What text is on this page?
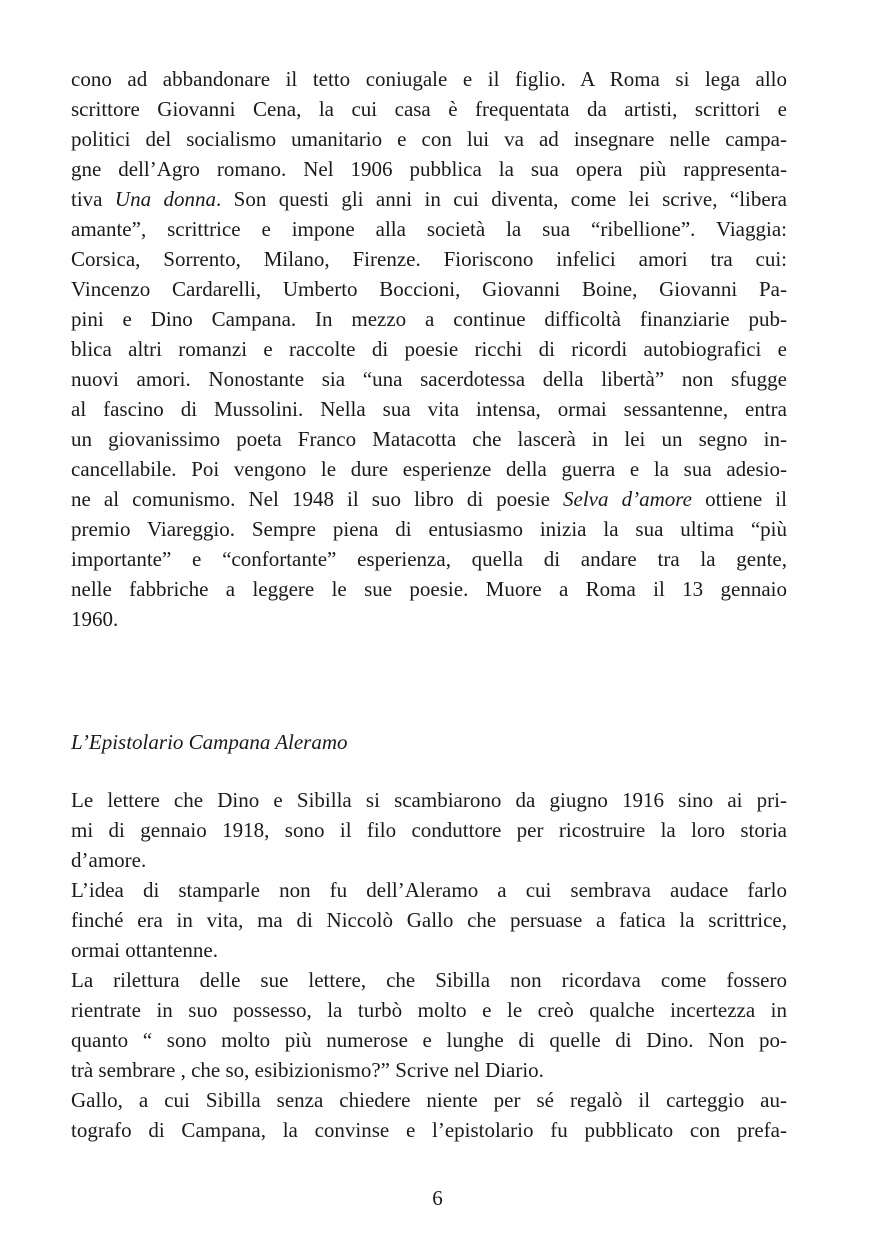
cono ad abbandonare il tetto coniugale e il figlio. A Roma si lega allo
scrittore Giovanni Cena, la cui casa è frequentata da artisti, scrittori e
politici del socialismo umanitario e con lui va ad insegnare nelle campa-
gne dell’Agro romano. Nel 1906 pubblica la sua opera più rappresenta-
tiva Una donna. Son questi gli anni in cui diventa, come lei scrive, “libera
amante”, scrittrice e impone alla società la sua “ribellione”. Viaggia:
Corsica, Sorrento, Milano, Firenze. Fioriscono infelici amori tra cui:
Vincenzo Cardarelli, Umberto Boccioni, Giovanni Boine, Giovanni Pa-
pini e Dino Campana. In mezzo a continue difficoltà finanziarie pub-
blica altri romanzi e raccolte di poesie ricchi di ricordi autobiografici e
nuovi amori. Nonostante sia “una sacerdotessa della libertà” non sfugge
al fascino di Mussolini. Nella sua vita intensa, ormai sessantenne, entra
un giovanissimo poeta Franco Matacotta che lascerà in lei un segno in-
cancellabile. Poi vengono le dure esperienze della guerra e la sua adesio-
ne al comunismo. Nel 1948 il suo libro di poesie Selva d’amore ottiene il
premio Viareggio. Sempre piena di entusiasmo inizia la sua ultima “più
importante” e “confortante” esperienza, quella di andare tra la gente,
nelle fabbriche a leggere le sue poesie. Muore a Roma il 13 gennaio
1960.
L’Epistolario Campana Aleramo
Le lettere che Dino e Sibilla si scambiarono da giugno 1916 sino ai pri-
mi di gennaio 1918, sono il filo conduttore per ricostruire la loro storia
d’amore.
L’idea di stamparle non fu dell’Aleramo a cui sembrava audace farlo
finché era in vita, ma di Niccolò Gallo che persuase a fatica la scrittrice,
ormai ottantenne.
La rilettura delle sue lettere, che Sibilla non ricordava come fossero
rientrate in suo possesso, la turbò molto e le creò qualche incertezza in
quanto “ sono molto più numerose e lunghe di quelle di Dino. Non po-
trà sembrare , che so, esibizionismo?” Scrive nel Diario.
Gallo, a cui Sibilla senza chiedere niente per sé regalò il carteggio au-
tografo di Campana, la convinse e l’epistolario fu pubblicato con prefa-
6
